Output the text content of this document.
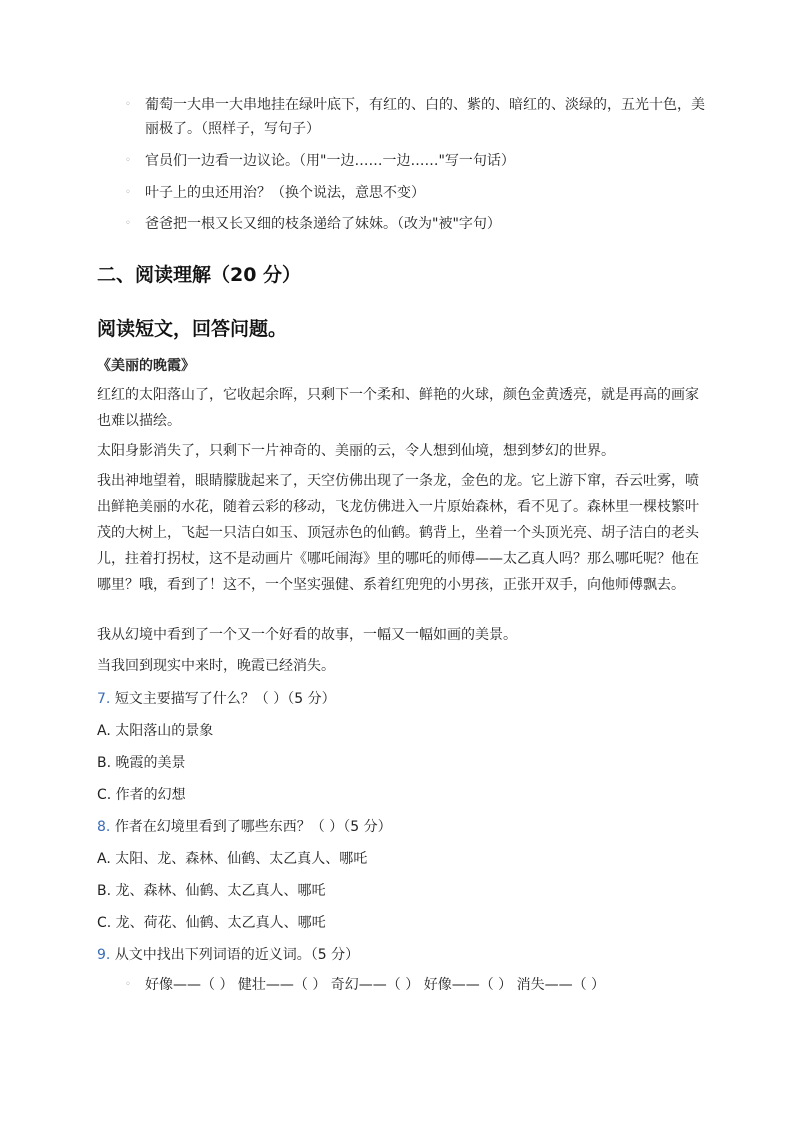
◦	葡萄一大串一大串地挂在绿叶底下，有红的、白的、紫的、暗红的、淡绿的，五光十色，美丽极了。（照样子，写句子）
◦	官员们一边看一边议论。（用"一边……一边……"写一句话）
◦	叶子上的虫还用治？（换个说法，意思不变）
◦	爸爸把一根又长又细的枝条递给了妹妹。（改为"被"字句）
二、阅读理解（20 分）
阅读短文，回答问题。
《美丽的晚霞》
红红的太阳落山了，它收起余晖，只剩下一个柔和、鲜艳的火球，颜色金黄透亮，就是再高的画家也难以描绘。
太阳身影消失了，只剩下一片神奇的、美丽的云，令人想到仙境，想到梦幻的世界。
我出神地望着，眼睛朦胧起来了，天空仿佛出现了一条龙，金色的龙。它上游下窜，吞云吐雾，喷出鲜艳美丽的水花，随着云彩的移动，飞龙仿佛进入一片原始森林，看不见了。森林里一棵枝繁叶茂的大树上，飞起一只洁白如玉、顶冠赤色的仙鹤。鹤背上，坐着一个头顶光亮、胡子洁白的老头儿，拄着打拐杖，这不是动画片《哪吒闹海》里的哪吒的师傅——太乙真人吗？那么哪吒呢？他在哪里？哦，看到了！这不，一个坚实强健、系着红兜兜的小男孩，正张开双手，向他师傅飘去。
我从幻境中看到了一个又一个好看的故事，一幅又一幅如画的美景。
当我回到现实中来时，晚霞已经消失。
7. 短文主要描写了什么？（ ）（5 分）
A. 太阳落山的景象
B. 晚霞的美景
C. 作者的幻想
8. 作者在幻境里看到了哪些东西？（ ）（5 分）
A. 太阳、龙、森林、仙鹤、太乙真人、哪吒
B. 龙、森林、仙鹤、太乙真人、哪吒
C. 龙、荷花、仙鹤、太乙真人、哪吒
9. 从文中找出下列词语的近义词。（5 分）
◦	好像——（ ） 健壮——（ ） 奇幻——（ ） 好像——（ ） 消失——（ ）
